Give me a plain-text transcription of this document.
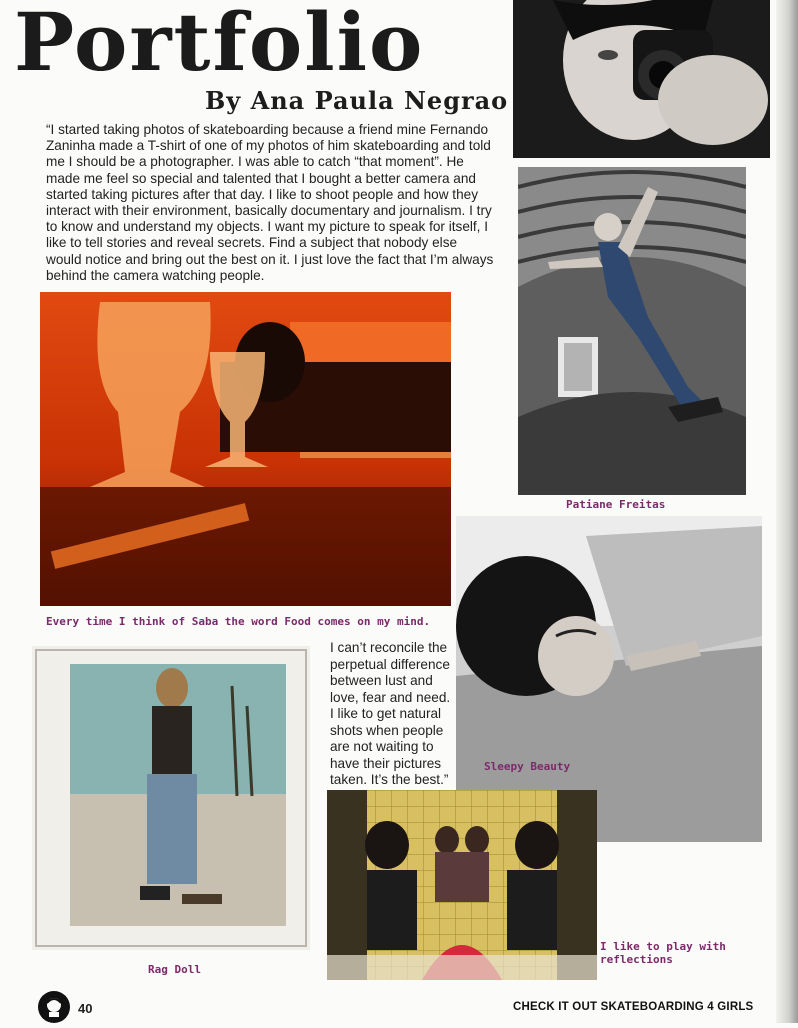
Portfolio
By Ana Paula Negrao
“I started taking photos of skateboarding because a friend mine Fernando Zaninha made a T-shirt of one of my photos of him skateboarding and told me I should be a photographer. I was able to catch “that moment”. He made me feel so special and talented that I bought a better camera and started taking pictures after that day. I like to shoot people and how they interact with their environment, basically documentary and journalism. I try to know and understand my objects. I want my picture to speak for itself, I like to tell stories and reveal secrets. Find a subject that nobody else would notice and bring out the best on it. I just love the fact that I’m always behind the camera watching people.
Patiane Freitas
Every time I think of Saba the word Food comes on my mind.
Sleepy Beauty
I can’t reconcile the perpetual difference between lust and love, fear and need. I like to get natural shots when people are not waiting to have their pictures taken. It’s the best.”
Rag Doll
I like to play with reflections
40	CHECK IT OUT SKATEBOARDING 4 GIRLS
